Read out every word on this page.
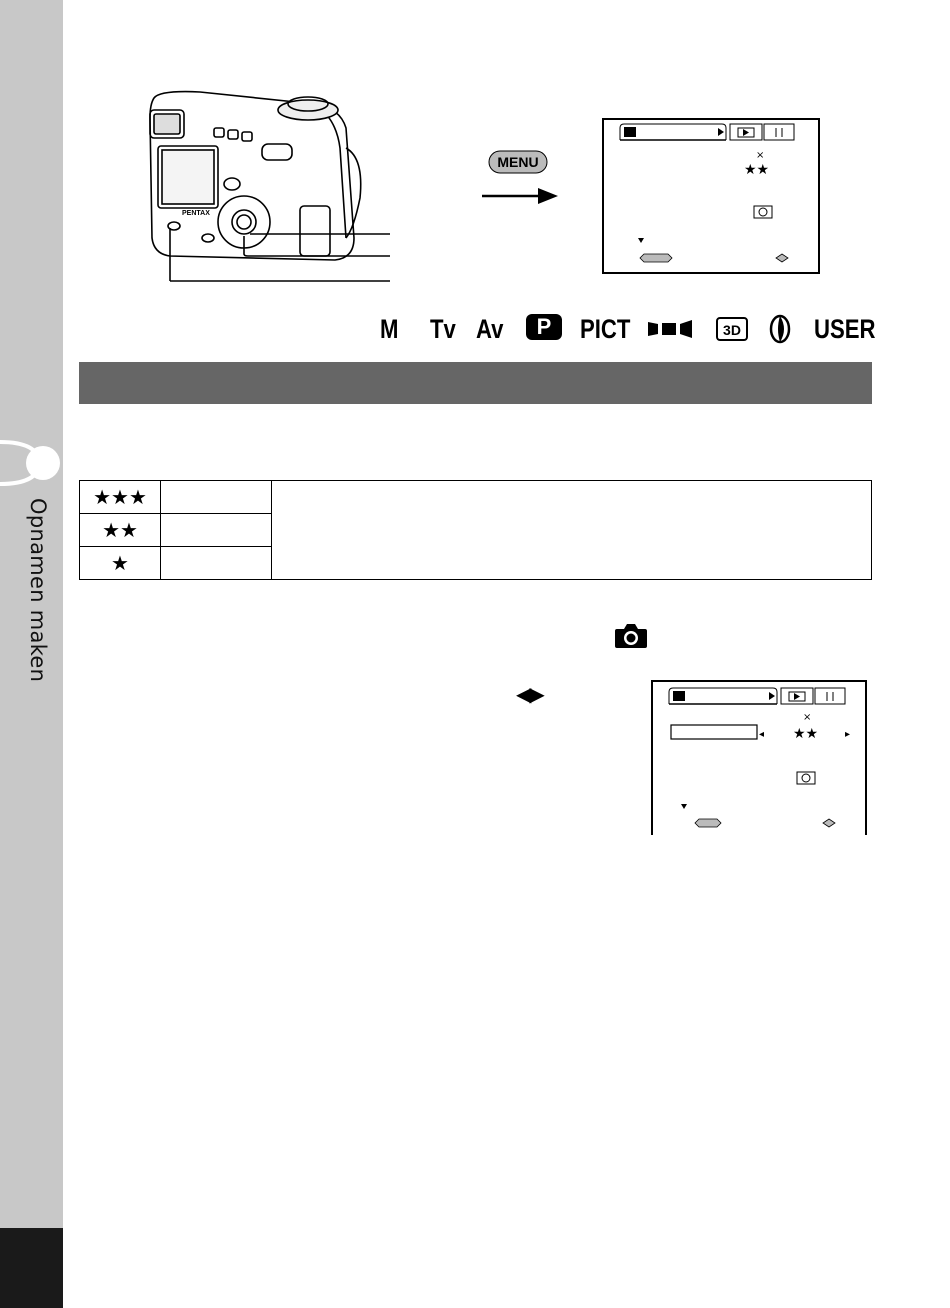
Opnamen maken
PENTAX
MENU	×
★★
M Tv Av	P	PICT	3D	USER
★★★		
★★		
★		
◀▶
×
◂ ★★	▸
